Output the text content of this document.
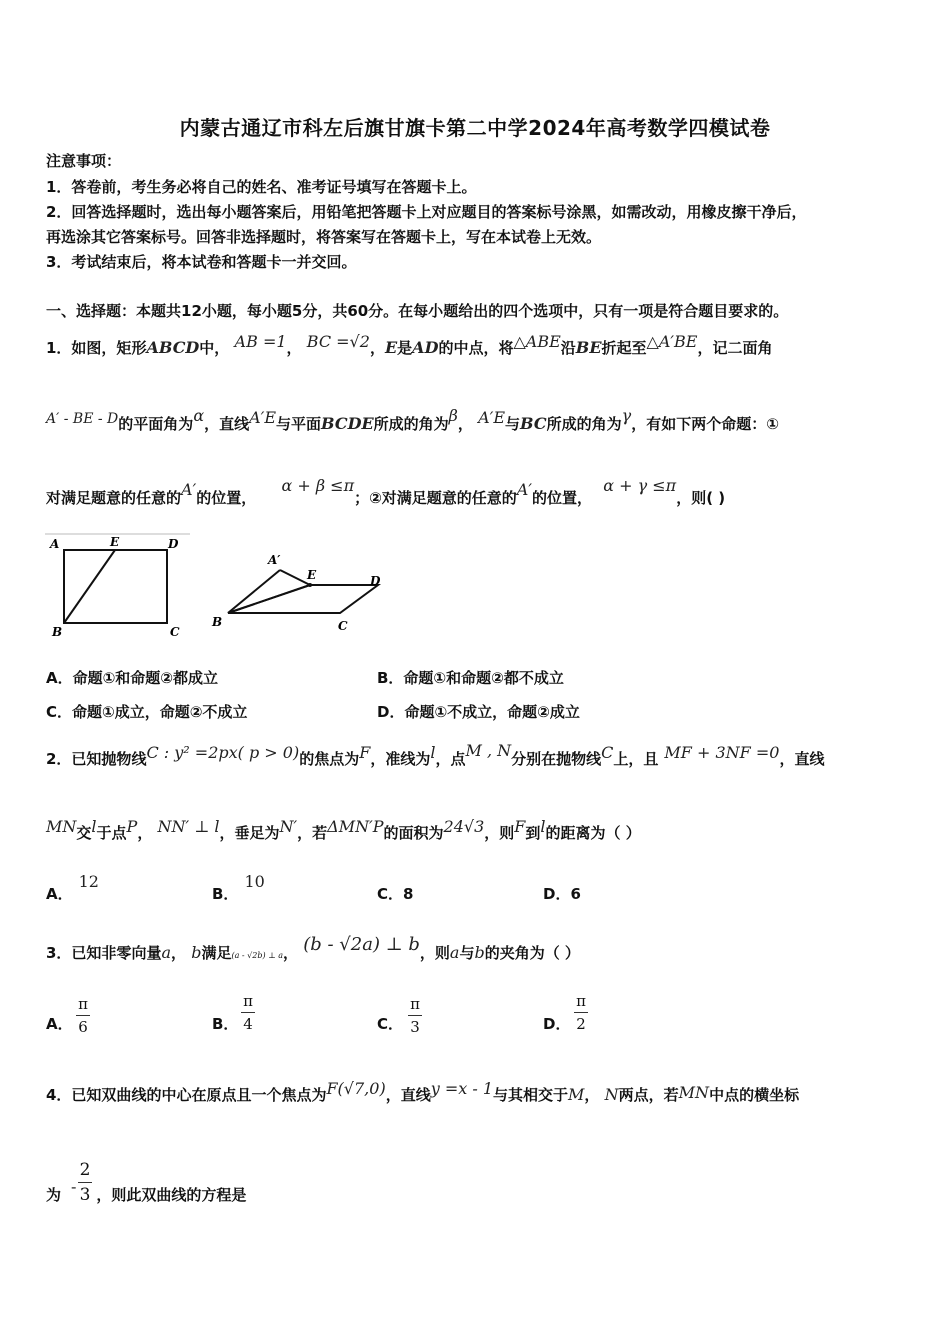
内蒙古通辽市科左后旗甘旗卡第二中学2024年高考数学四模试卷
注意事项：
1．答卷前，考生务必将自己的姓名、准考证号填写在答题卡上。
2．回答选择题时，选出每小题答案后，用铅笔把答题卡上对应题目的答案标号涂黑，如需改动，用橡皮擦干净后，
再选涂其它答案标号。回答非选择题时，将答案写在答题卡上，写在本试卷上无效。
3．考试结束后，将本试卷和答题卡一并交回。
一、选择题：本题共12小题，每小题5分，共60分。在每小题给出的四个选项中，只有一项是符合题目要求的。
1．如图，矩形ABCD中， AB =1， BC =√2，E是AD的中点，将△ABE沿BE折起至△A′BE，记二面角
A′ - BE - D的平面角为α，直线A′E与平面BCDE所成的角为β， A′E与BC所成的角为γ，有如下两个命题：①
对满足题意的任意的A′的位置， α + β ≤π；②对满足题意的任意的A′的位置， α + γ ≤π，则( )
A	E	D
B	C
A′
E	D
B	C
A．命题①和命题②都成立	B．命题①和命题②都不成立
C．命题①成立，命题②不成立	D．命题①不成立，命题②成立
2．已知抛物线C : y² =2px( p > 0)的焦点为F，准线为l，点M , N分别在抛物线C上，且 MF + 3NF =0，直线
MN交l于点P， NN′ ⊥ l，垂足为N′，若ΔMN′P的面积为24√3，则F到l的距离为（ ）
A．12
B．10
C．8	D．6
3．已知非零向量a， b满足(a - √2b) ⊥ a， (b - √2a) ⊥ b，则a与b的夹角为（ ）
A．
π
6	B．
π
4	C．
π
3	D．
π
2
4．已知双曲线的中心在原点且一个焦点为F(√7,0)，直线y =x - 1与其相交于M， N两点，若MN中点的横坐标
为 - ，则此双曲线的方程是
2
3
